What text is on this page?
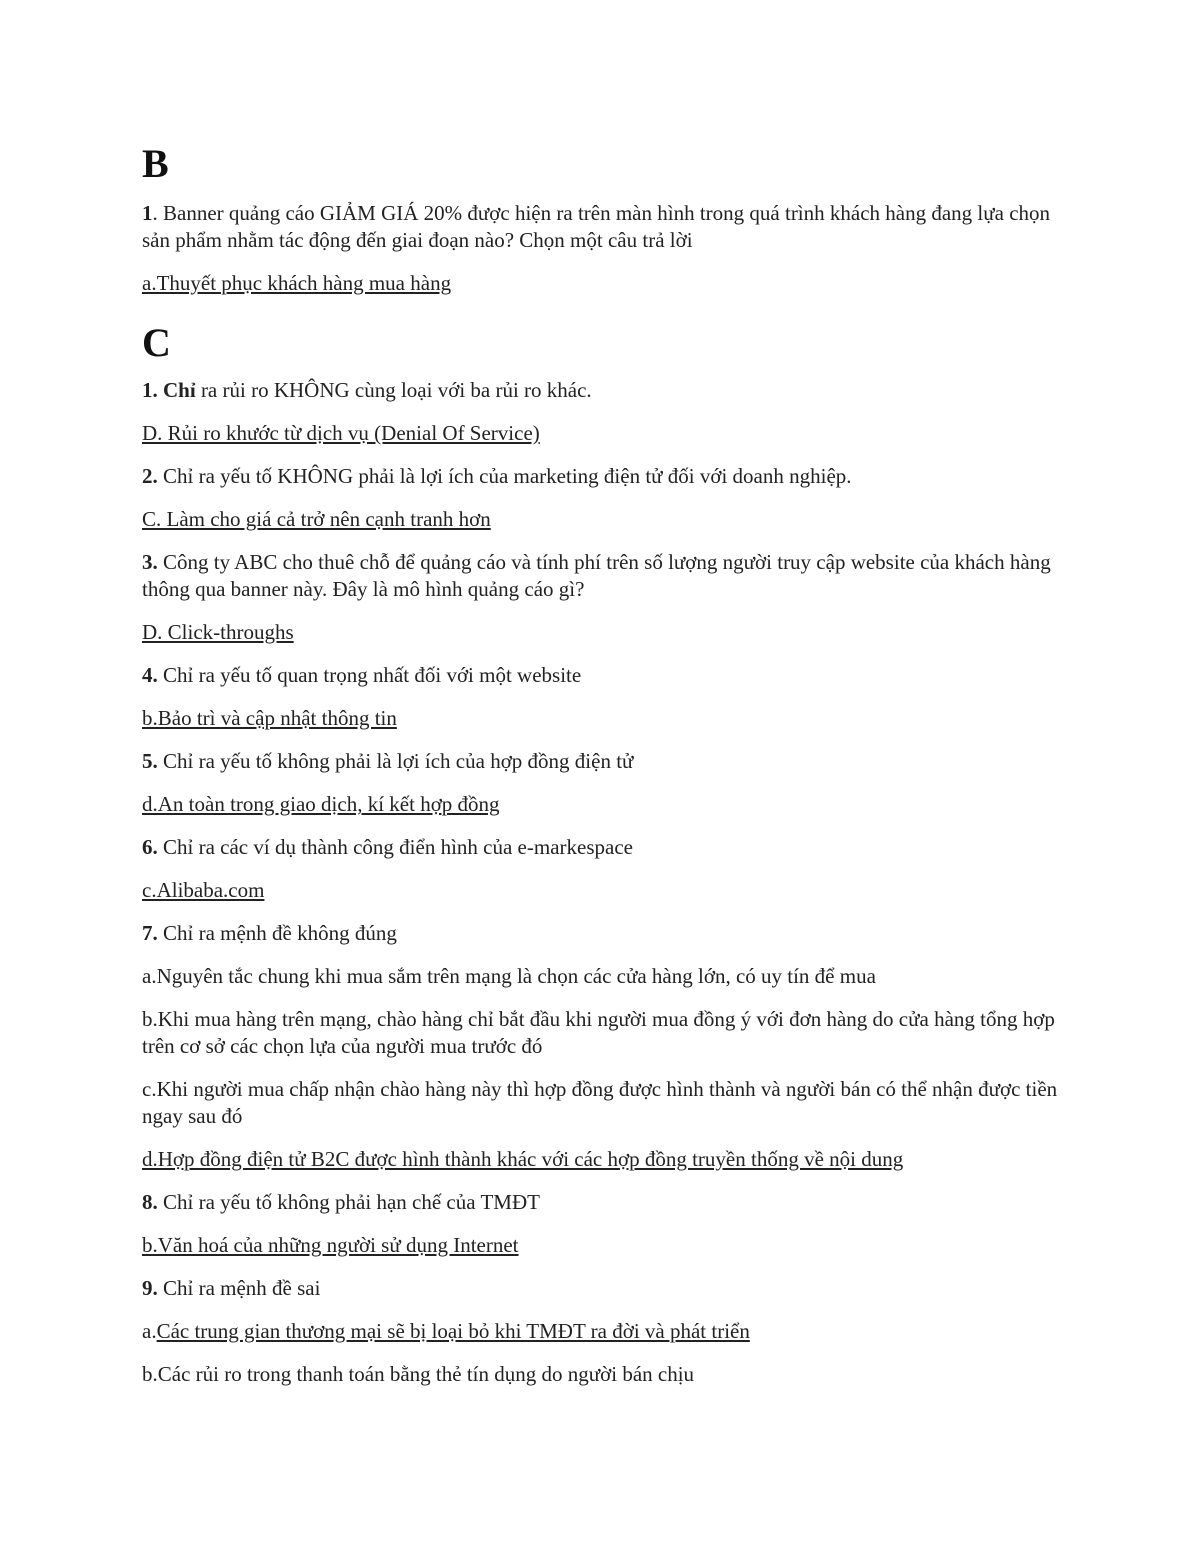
B

1. Banner quảng cáo GIẢM GIÁ 20% được hiện ra trên màn hình trong quá trình khách hàng đang lựa chọn sản phẩm nhằm tác động đến giai đoạn nào? Chọn một câu trả lời

a.Thuyết phục khách hàng mua hàng

C

1. Chỉ ra rủi ro KHÔNG cùng loại với ba rủi ro khác.

D. Rủi ro khước từ dịch vụ (Denial Of Service)

2. Chỉ ra yếu tố KHÔNG phải là lợi ích của marketing điện tử đối với doanh nghiệp.

C. Làm cho giá cả trở nên cạnh tranh hơn

3. Công ty ABC cho thuê chỗ để quảng cáo và tính phí trên số lượng người truy cập website của khách hàng thông qua banner này. Đây là mô hình quảng cáo gì?

D. Click-throughs

4. Chỉ ra yếu tố quan trọng nhất đối với một website

b.Bảo trì và cập nhật thông tin

5. Chỉ ra yếu tố không phải là lợi ích của hợp đồng điện tử

d.An toàn trong giao dịch, kí kết hợp đồng

6. Chỉ ra các ví dụ thành công điển hình của e-markespace

c.Alibaba.com

7. Chỉ ra mệnh đề không đúng

a.Nguyên tắc chung khi mua sắm trên mạng là chọn các cửa hàng lớn, có uy tín để mua

b.Khi mua hàng trên mạng, chào hàng chỉ bắt đầu khi người mua đồng ý với đơn hàng do cửa hàng tổng hợp trên cơ sở các chọn lựa của người mua trước đó

c.Khi người mua chấp nhận chào hàng này thì hợp đồng được hình thành và người bán có thể nhận được tiền ngay sau đó

d.Hợp đồng điện tử B2C được hình thành khác với các hợp đồng truyền thống về nội dung

8. Chỉ ra yếu tố không phải hạn chế của TMĐT

b.Văn hoá của những người sử dụng Internet

9. Chỉ ra mệnh đề sai

a.Các trung gian thương mại sẽ bị loại bỏ khi TMĐT ra đời và phát triển

b.Các rủi ro trong thanh toán bằng thẻ tín dụng do người bán chịu
